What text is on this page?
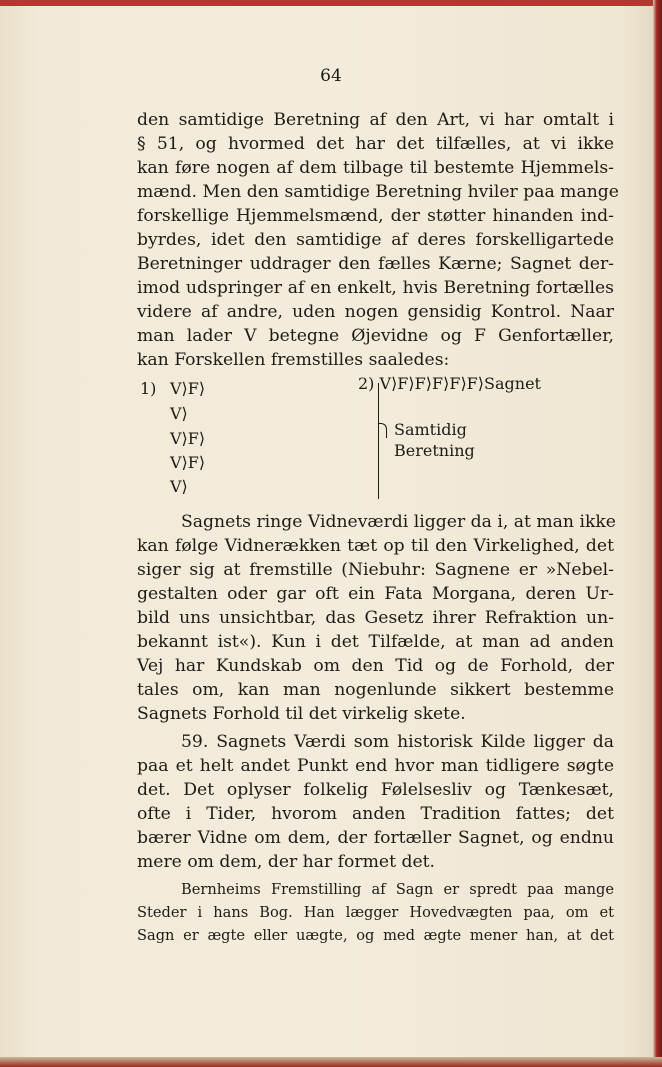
64
den samtidige Beretning af den Art, vi har omtalt i
§ 51, og hvormed det har det tilfælles, at vi ikke
kan føre nogen af dem tilbage til bestemte Hjemmels-
mænd. Men den samtidige Beretning hviler paa mange
forskellige Hjemmelsmænd, der støtter hinanden ind-
byrdes, idet den samtidige af deres forskelligartede
Beretninger uddrager den fælles Kærne; Sagnet der-
imod udspringer af en enkelt, hvis Beretning fortælles
videre af andre, uden nogen gensidig Kontrol. Naar
man lader V betegne Øjevidne og F Genfortæller,
kan Forskellen fremstilles saaledes:
1) V⟩F⟩
V⟩
V⟩F⟩
V⟩F⟩
V⟩
2) V⟩F⟩F⟩F⟩F⟩F⟩Sagnet
Samtidig
Beretning
Sagnets ringe Vidneværdi ligger da i, at man ikke
kan følge Vidnerækken tæt op til den Virkelighed, det
siger sig at fremstille (Niebuhr: Sagnene er »Nebel-
gestalten oder gar oft ein Fata Morgana, deren Ur-
bild uns unsichtbar, das Gesetz ihrer Refraktion un-
bekannt ist«). Kun i det Tilfælde, at man ad anden
Vej har Kundskab om den Tid og de Forhold, der
tales om, kan man nogenlunde sikkert bestemme
Sagnets Forhold til det virkelig skete.
59. Sagnets Værdi som historisk Kilde ligger da
paa et helt andet Punkt end hvor man tidligere søgte
det. Det oplyser folkelig Følelsesliv og Tænkesæt,
ofte i Tider, hvorom anden Tradition fattes; det
bærer Vidne om dem, der fortæller Sagnet, og endnu
mere om dem, der har formet det.
Bernheims Fremstilling af Sagn er spredt paa mange
Steder i hans Bog. Han lægger Hovedvægten paa, om et
Sagn er ægte eller uægte, og med ægte mener han, at det
